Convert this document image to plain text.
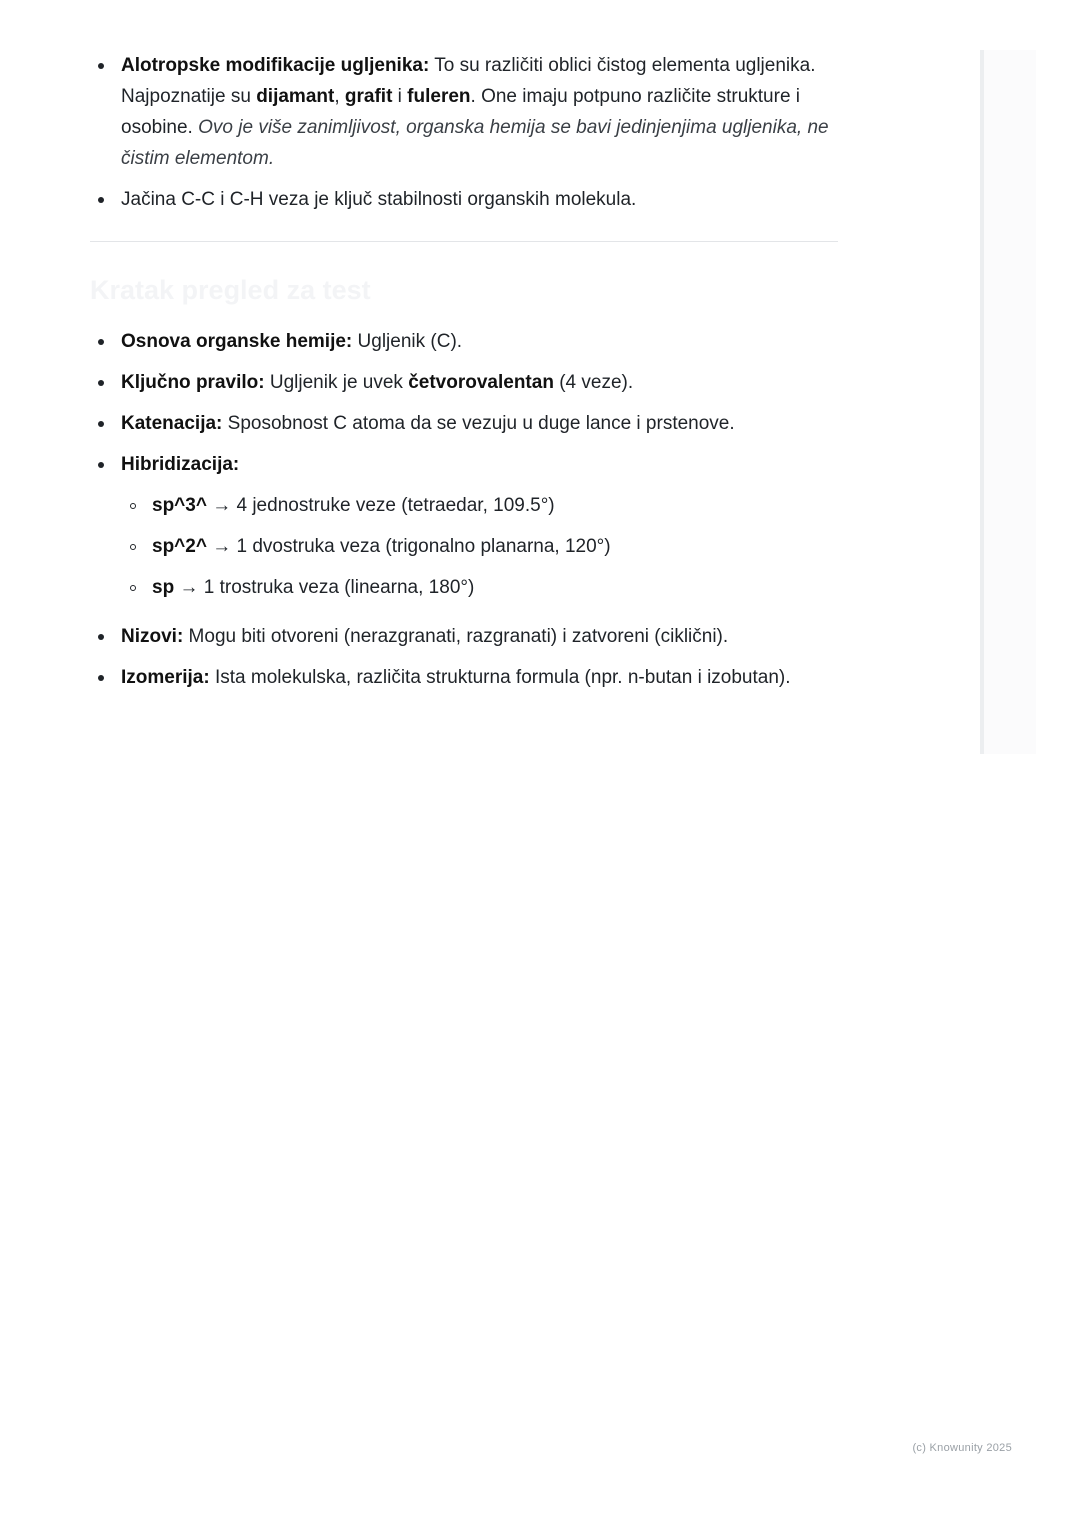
Alotropske modifikacije ugljenika: To su različiti oblici čistog elementa ugljenika. Najpoznatije su dijamant, grafit i fuleren. One imaju potpuno različite strukture i osobine. Ovo je više zanimljivost, organska hemija se bavi jedinjenjima ugljenika, ne čistim elementom.
Jačina C-C i C-H veza je ključ stabilnosti organskih molekula.
Kratak pregled za test
Osnova organske hemije: Ugljenik (C).
Ključno pravilo: Ugljenik je uvek četvorovalentan (4 veze).
Katenacija: Sposobnost C atoma da se vezuju u duge lance i prstenove.
Hibridizacija:
sp^3^ → 4 jednostruke veze (tetraedar, 109.5°)
sp^2^ → 1 dvostruka veza (trigonalno planarna, 120°)
sp → 1 trostruka veza (linearna, 180°)
Nizovi: Mogu biti otvoreni (nerazgranati, razgranati) i zatvoreni (ciklični).
Izomerija: Ista molekulska, različita strukturna formula (npr. n-butan i izobutan).
(c) Knowunity 2025
